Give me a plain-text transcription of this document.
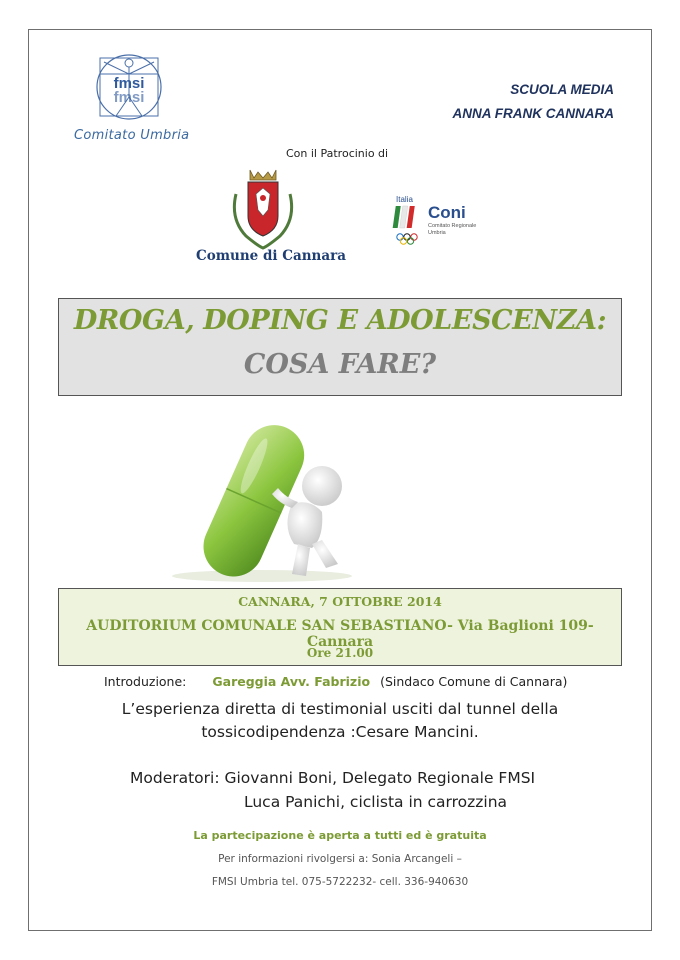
fmsi
fmsi
Comitato Umbria
SCUOLA MEDIA
ANNA FRANK CANNARA
Con il Patrocinio di
Comune di Cannara
Italia
Coni
Comitato Regionale
Umbria
DROGA, DOPING E ADOLESCENZA:
COSA FARE?
CANNARA, 7 OTTOBRE 2014
AUDITORIUM COMUNALE SAN SEBASTIANO- Via Baglioni 109- Cannara
Ore 21.00
Introduzione: Gareggia Avv. Fabrizio (Sindaco Comune di Cannara)
L’esperienza diretta di testimonial usciti dal tunnel della
tossicodipendenza :Cesare Mancini.
Moderatori: Giovanni Boni, Delegato Regionale FMSI
Luca Panichi, ciclista in carrozzina
La partecipazione è aperta a tutti ed è gratuita
Per informazioni rivolgersi a: Sonia Arcangeli –
FMSI Umbria tel. 075-5722232- cell. 336-940630
